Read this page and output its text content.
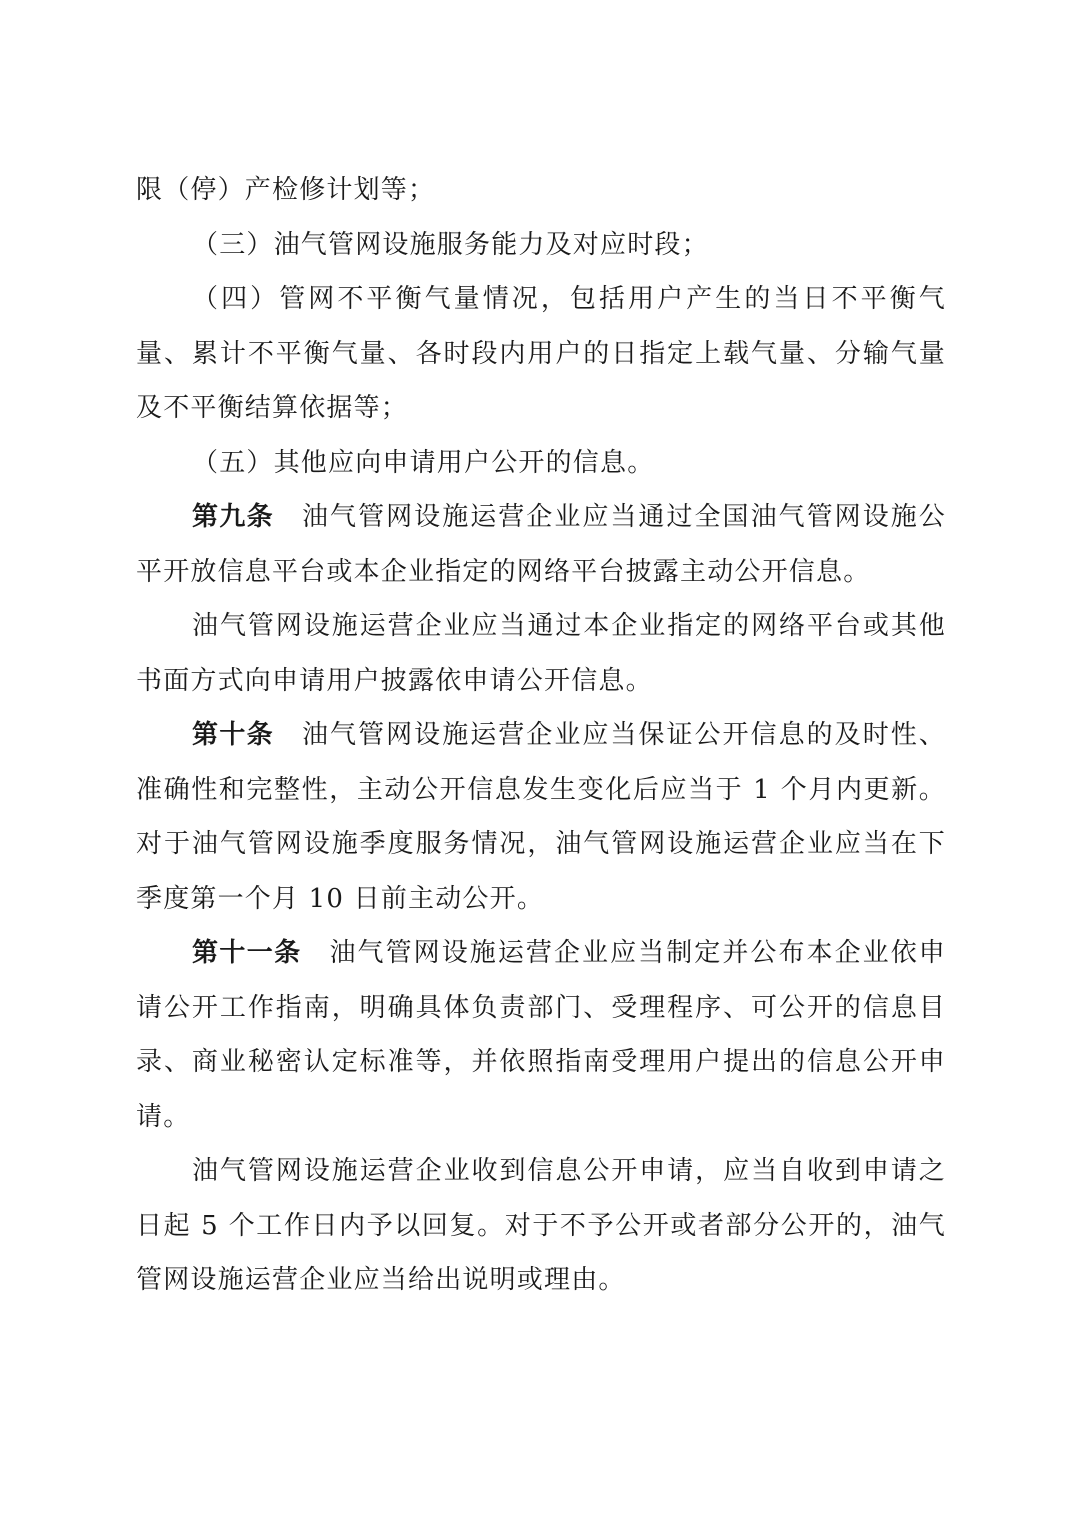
限（停）产检修计划等；

（三）油气管网设施服务能力及对应时段；

（四）管网不平衡气量情况，包括用户产生的当日不平衡气量、累计不平衡气量、各时段内用户的日指定上载气量、分输气量及不平衡结算依据等；

（五）其他应向申请用户公开的信息。

第九条 油气管网设施运营企业应当通过全国油气管网设施公平开放信息平台或本企业指定的网络平台披露主动公开信息。

油气管网设施运营企业应当通过本企业指定的网络平台或其他书面方式向申请用户披露依申请公开信息。

第十条 油气管网设施运营企业应当保证公开信息的及时性、准确性和完整性，主动公开信息发生变化后应当于 1 个月内更新。对于油气管网设施季度服务情况，油气管网设施运营企业应当在下季度第一个月 10 日前主动公开。

第十一条 油气管网设施运营企业应当制定并公布本企业依申请公开工作指南，明确具体负责部门、受理程序、可公开的信息目录、商业秘密认定标准等，并依照指南受理用户提出的信息公开申请。

油气管网设施运营企业收到信息公开申请，应当自收到申请之日起 5 个工作日内予以回复。对于不予公开或者部分公开的，油气管网设施运营企业应当给出说明或理由。
